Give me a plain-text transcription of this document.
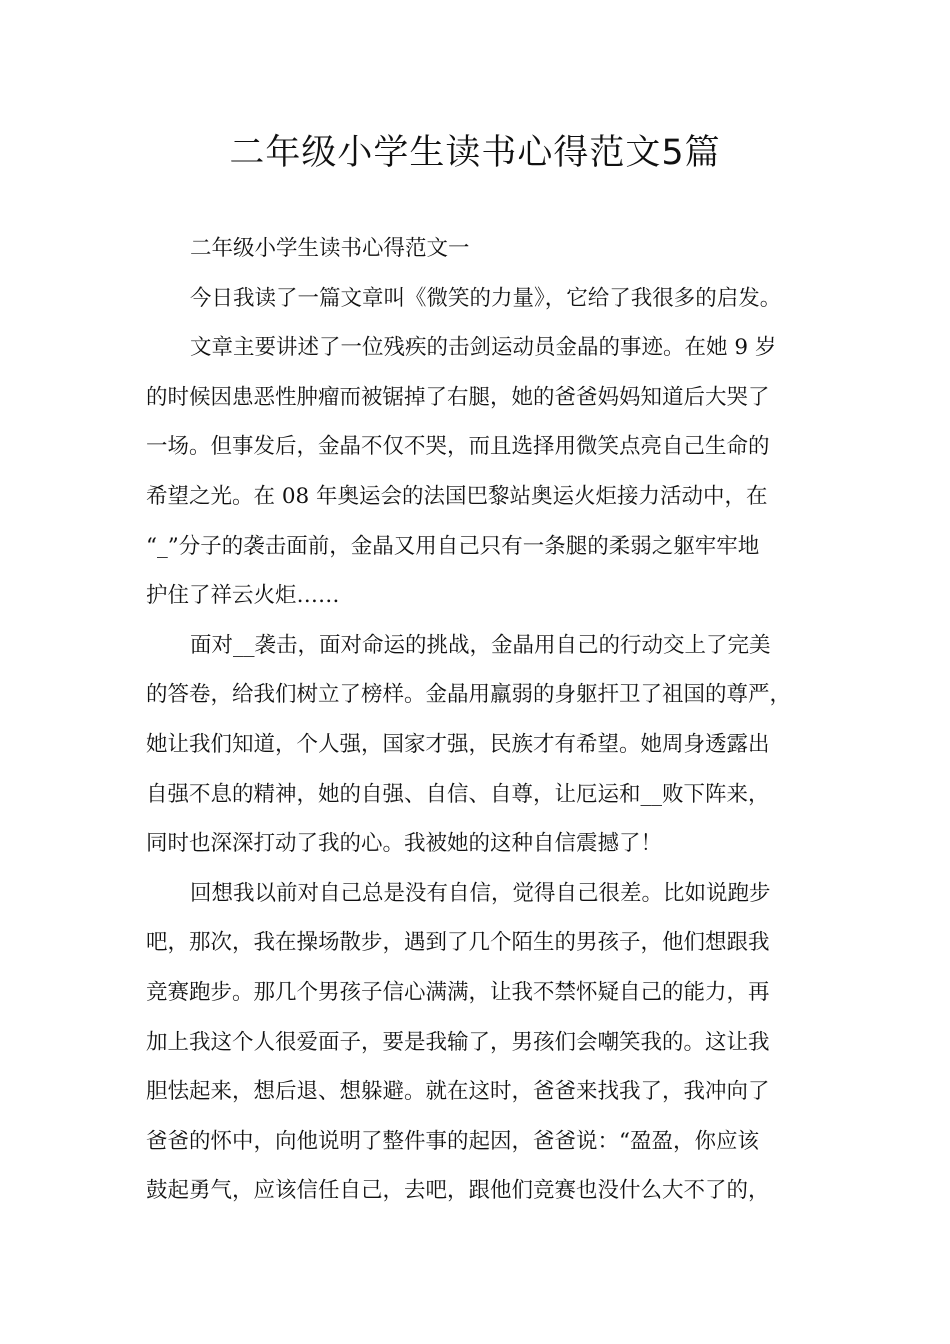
二年级小学生读书心得范文5篇
二年级小学生读书心得范文一
今日我读了一篇文章叫《微笑的力量》，它给了我很多的启发。
文章主要讲述了一位残疾的击剑运动员金晶的事迹。在她 9 岁
的时候因患恶性肿瘤而被锯掉了右腿，她的爸爸妈妈知道后大哭了
一场。但事发后，金晶不仅不哭，而且选择用微笑点亮自己生命的
希望之光。在 08 年奥运会的法国巴黎站奥运火炬接力活动中，在
“_”分子的袭击面前，金晶又用自己只有一条腿的柔弱之躯牢牢地
护住了祥云火炬……
面对__袭击，面对命运的挑战，金晶用自己的行动交上了完美
的答卷，给我们树立了榜样。金晶用羸弱的身躯扞卫了祖国的尊严，
她让我们知道，个人强，国家才强，民族才有希望。她周身透露出
自强不息的精神，她的自强、自信、自尊，让厄运和__败下阵来，
同时也深深打动了我的心。我被她的这种自信震撼了！
回想我以前对自己总是没有自信，觉得自己很差。比如说跑步
吧，那次，我在操场散步，遇到了几个陌生的男孩子，他们想跟我
竞赛跑步。那几个男孩子信心满满，让我不禁怀疑自己的能力，再
加上我这个人很爱面子，要是我输了，男孩们会嘲笑我的。这让我
胆怯起来，想后退、想躲避。就在这时，爸爸来找我了，我冲向了
爸爸的怀中，向他说明了整件事的起因，爸爸说：“盈盈，你应该
鼓起勇气，应该信任自己，去吧，跟他们竞赛也没什么大不了的，
